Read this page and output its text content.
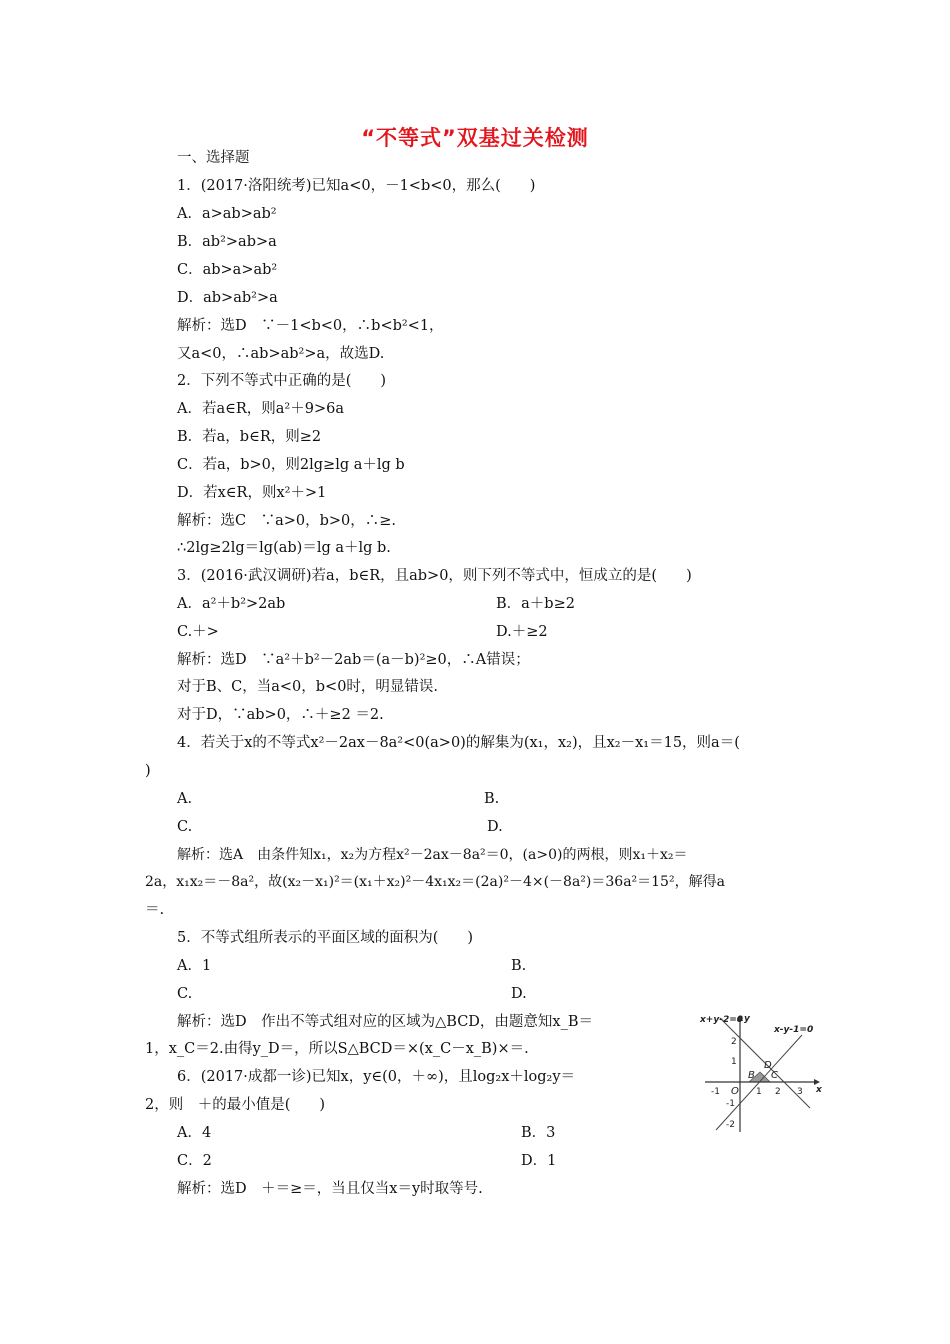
“不等式”双基过关检测
一、选择题
1．(2017·洛阳统考)已知a<0，－1<b<0，那么(　　)
A．a>ab>ab²
B．ab²>ab>a
C．ab>a>ab²
D．ab>ab²>a
解析：选D　∵－1<b<0，∴b<b²<1，
又a<0，∴ab>ab²>a，故选D.
2．下列不等式中正确的是(　　)
A．若a∈R，则a²＋9>6a
B．若a，b∈R，则≥2
C．若a，b>0，则2lg≥lg a＋lg b
D．若x∈R，则x²＋>1
解析：选C　∵a>0，b>0，∴≥.
∴2lg≥2lg＝lg(ab)＝lg a＋lg b.
3．(2016·武汉调研)若a，b∈R，且ab>0，则下列不等式中，恒成立的是(　　)
A．a²＋b²>2ab	B．a＋b≥2
C.＋>	D.＋≥2
解析：选D　∵a²＋b²－2ab＝(a－b)²≥0，∴A错误；
对于B、C，当a<0，b<0时，明显错误.
对于D，∵ab>0，∴＋≥2 ＝2.
4．若关于x的不等式x²－2ax－8a²<0(a>0)的解集为(x₁，x₂)，且x₂－x₁＝15，则a＝(
)
A.	B.
C.	D.
解析：选A　由条件知x₁，x₂为方程x²－2ax－8a²＝0，(a>0)的两根，则x₁＋x₂＝
2a，x₁x₂＝－8a²，故(x₂－x₁)²＝(x₁＋x₂)²－4x₁x₂＝(2a)²－4×(－8a²)＝36a²＝15²，解得a
＝.
5．不等式组所表示的平面区域的面积为(　　)
A．1	B.
C.	D.
解析：选D　作出不等式组对应的区域为△BCD，由题意知x_B＝
1，x_C＝2.由得y_D＝，所以S△BCD＝×(x_C－x_B)×＝.
6．(2017·成都一诊)已知x，y∈(0，＋∞)，且log₂x＋log₂y＝
2，则　＋的最小值是(　　)
A．4	B．3
C．2	D．1
解析：选D　＋＝≥＝，当且仅当x＝y时取等号.
x+y-2=0 y
x-y-1=0
x
O
B C
D
-1	1 2 3
2
1
-1
-2
